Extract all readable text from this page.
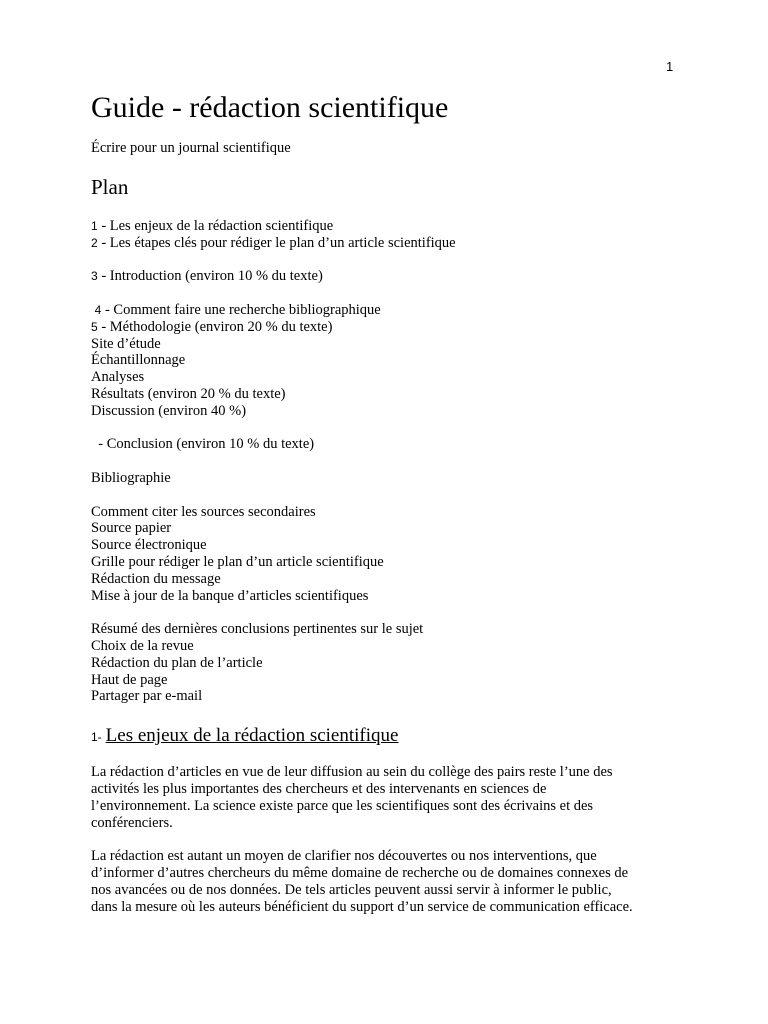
1
Guide - rédaction scientifique
Écrire pour un journal scientifique
Plan
1 - Les enjeux de la rédaction scientifique
2 - Les étapes clés pour rédiger le plan d’un article scientifique
3 - Introduction (environ 10 % du texte)
4 - Comment faire une recherche bibliographique
5 - Méthodologie (environ 20 % du texte)
Site d’étude
Échantillonnage
Analyses
Résultats (environ 20 % du texte)
Discussion (environ 40 %)
- Conclusion (environ 10 % du texte)
Bibliographie
Comment citer les sources secondaires
Source papier
Source électronique
Grille pour rédiger le plan d’un article scientifique
Rédaction du message
Mise à jour de la banque d’articles scientifiques
Résumé des dernières conclusions pertinentes sur le sujet
Choix de la revue
Rédaction du plan de l’article
Haut de page
Partager par e-mail
1- Les enjeux de la rédaction scientifique
La rédaction d’articles en vue de leur diffusion au sein du collège des pairs reste l’une des
activités les plus importantes des chercheurs et des intervenants en sciences de
l’environnement. La science existe parce que les scientifiques sont des écrivains et des
conférenciers.
La rédaction est autant un moyen de clarifier nos découvertes ou nos interventions, que
d’informer d’autres chercheurs du même domaine de recherche ou de domaines connexes de
nos avancées ou de nos données. De tels articles peuvent aussi servir à informer le public,
dans la mesure où les auteurs bénéficient du support d’un service de communication efficace.
